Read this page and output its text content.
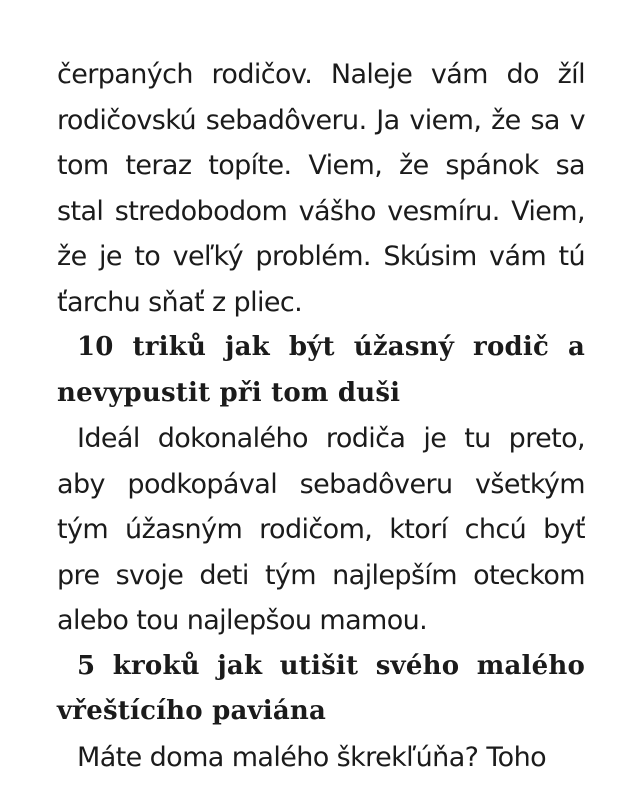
čerpaných rodičov. Naleje vám do žíl rodičovskú sebadôveru. Ja viem, že sa v tom teraz topíte. Viem, že spánok sa stal stredobodom vášho vesmíru. Viem, že je to veľký problém. Skúsim vám tú ťarchu sňať z pliec.

10 triků jak být úžasný rodič a nevypustit při tom duši

Ideál dokonalého rodiča je tu preto, aby podkopával sebadôveru všetkým tým úžasným rodičom, ktorí chcú byť pre svoje deti tým najlepším oteckom alebo tou najlepšou mamou.

5 kroků jak utišit svého malého vřeštícího paviána

Máte doma malého škrekľúňa? Toho
